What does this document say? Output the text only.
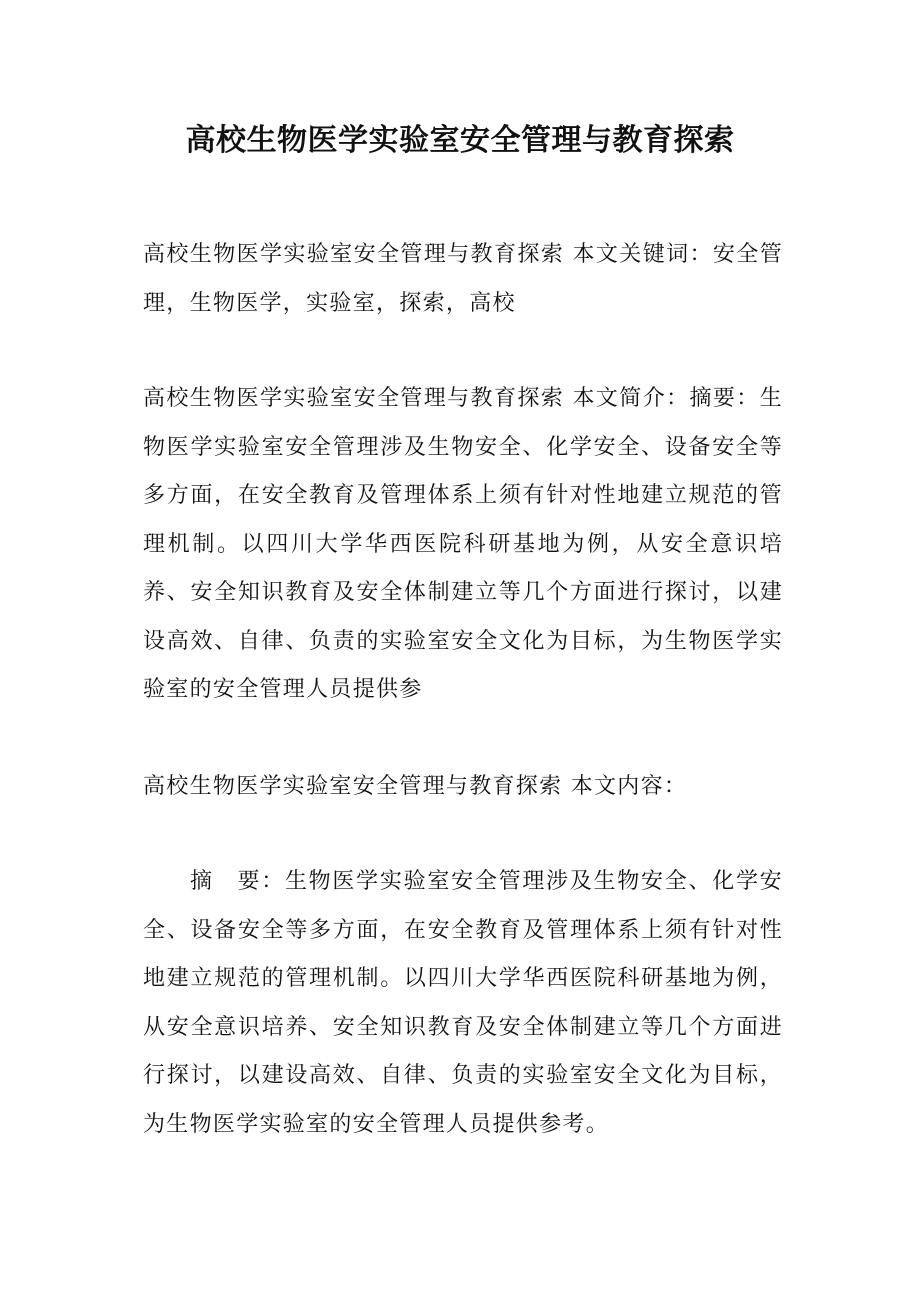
高校生物医学实验室安全管理与教育探索

高校生物医学实验室安全管理与教育探索 本文关键词：安全管理，生物医学，实验室，探索，高校

高校生物医学实验室安全管理与教育探索 本文简介：摘要：生物医学实验室安全管理涉及生物安全、化学安全、设备安全等多方面，在安全教育及管理体系上须有针对性地建立规范的管理机制。以四川大学华西医院科研基地为例，从安全意识培养、安全知识教育及安全体制建立等几个方面进行探讨，以建设高效、自律、负责的实验室安全文化为目标，为生物医学实验室的安全管理人员提供参

高校生物医学实验室安全管理与教育探索 本文内容：

摘　要：生物医学实验室安全管理涉及生物安全、化学安全、设备安全等多方面，在安全教育及管理体系上须有针对性地建立规范的管理机制。以四川大学华西医院科研基地为例，从安全意识培养、安全知识教育及安全体制建立等几个方面进行探讨，以建设高效、自律、负责的实验室安全文化为目标，为生物医学实验室的安全管理人员提供参考。
